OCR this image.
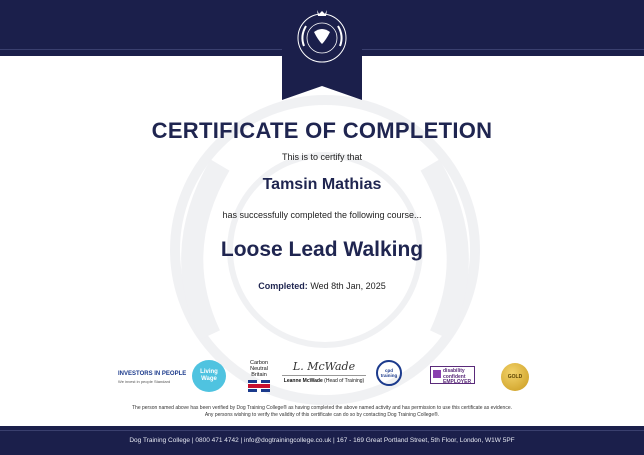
CERTIFICATE OF COMPLETION
This is to certify that
Tamsin Mathias
has successfully completed the following course...
Loose Lead Walking
Completed: Wed 8th Jan, 2025
INVESTORS IN PEOPLE
We invest in people Standard
Living Wage
Carbon Neutral Britain
L. McWade
Leanne McWade (Head of Training)
cpd training
disability confident
EMPLOYER
GOLD
The person named above has been verified by Dog Training College® as having completed the above named activity and has permission to use this certificate as evidence.
Any persons wishing to verify the validity of this certificate can do so by contacting Dog Training College®.
Dog Training College | 0800 471 4742 | info@dogtrainingcollege.co.uk | 167 - 169 Great Portland Street, 5th Floor, London, W1W 5PF
